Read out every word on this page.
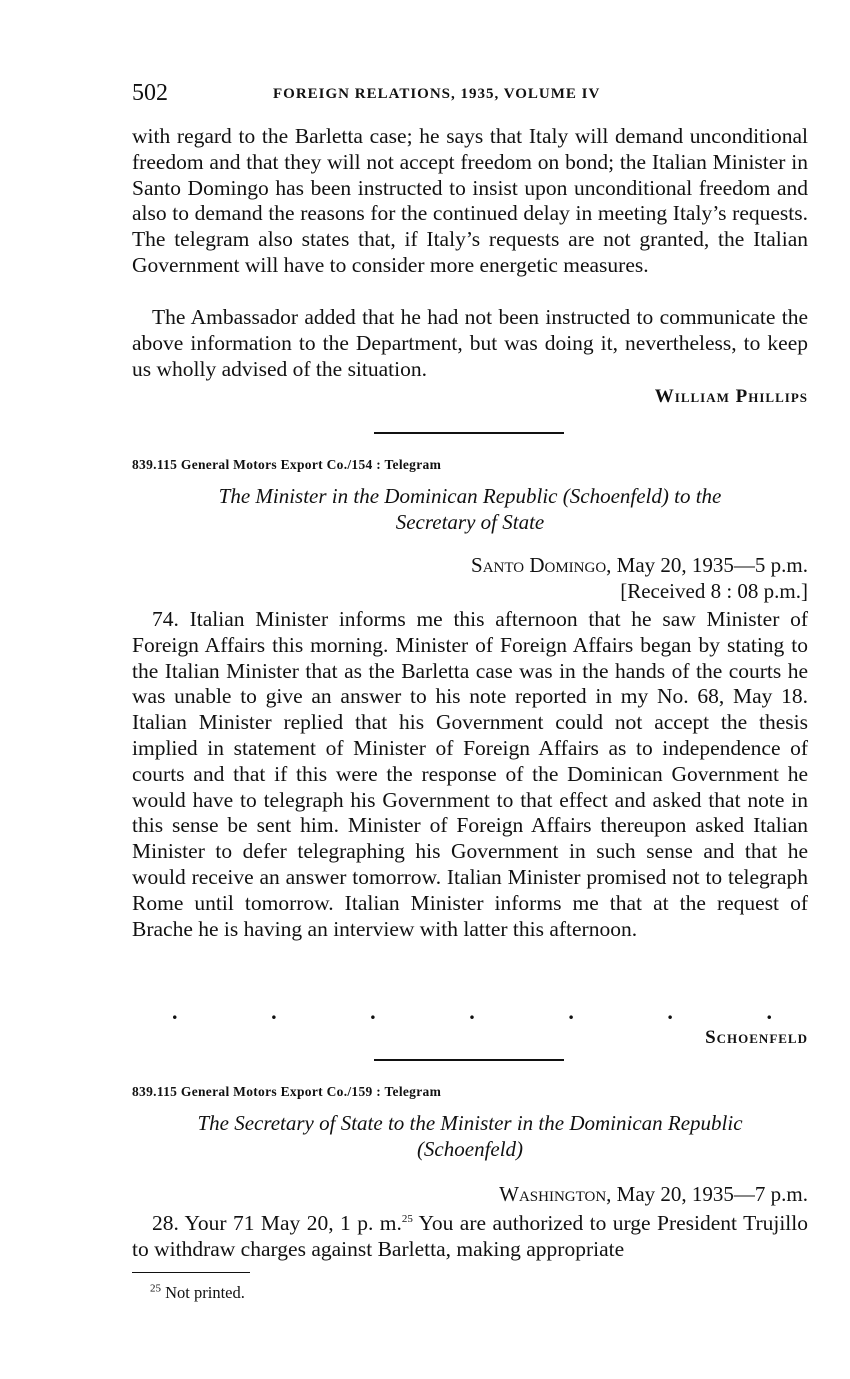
502	FOREIGN RELATIONS, 1935, VOLUME IV

with regard to the Barletta case; he says that Italy will demand unconditional freedom and that they will not accept freedom on bond; the Italian Minister in Santo Domingo has been instructed to insist upon unconditional freedom and also to demand the reasons for the continued delay in meeting Italy’s requests. The telegram also states that, if Italy’s requests are not granted, the Italian Government will have to consider more energetic measures.

The Ambassador added that he had not been instructed to communicate the above information to the Department, but was doing it, nevertheless, to keep us wholly advised of the situation.

William Phillips
839.115 General Motors Export Co./154 : Telegram
The Minister in the Dominican Republic (Schoenfeld) to the
Secretary of State
Santo Domingo, May 20, 1935—5 p.m.
[Received 8 : 08 p.m.]

74. Italian Minister informs me this afternoon that he saw Minister of Foreign Affairs this morning. Minister of Foreign Affairs began by stating to the Italian Minister that as the Barletta case was in the hands of the courts he was unable to give an answer to his note reported in my No. 68, May 18. Italian Minister replied that his Government could not accept the thesis implied in statement of Minister of Foreign Affairs as to independence of courts and that if this were the response of the Dominican Government he would have to telegraph his Government to that effect and asked that note in this sense be sent him. Minister of Foreign Affairs thereupon asked Italian Minister to defer telegraphing his Government in such sense and that he would receive an answer tomorrow. Italian Minister promised not to telegraph Rome until tomorrow. Italian Minister informs me that at the request of Brache he is having an interview with latter this afternoon.

.	.	.	.	.	.	.
Schoenfeld
839.115 General Motors Export Co./159 : Telegram
The Secretary of State to the Minister in the Dominican Republic
(Schoenfeld)
Washington, May 20, 1935—7 p.m.

28. Your 71 May 20, 1 p. m.$^{25}$ You are authorized to urge President Trujillo to withdraw charges against Barletta, making appropriate

$^{25}$ Not printed.
